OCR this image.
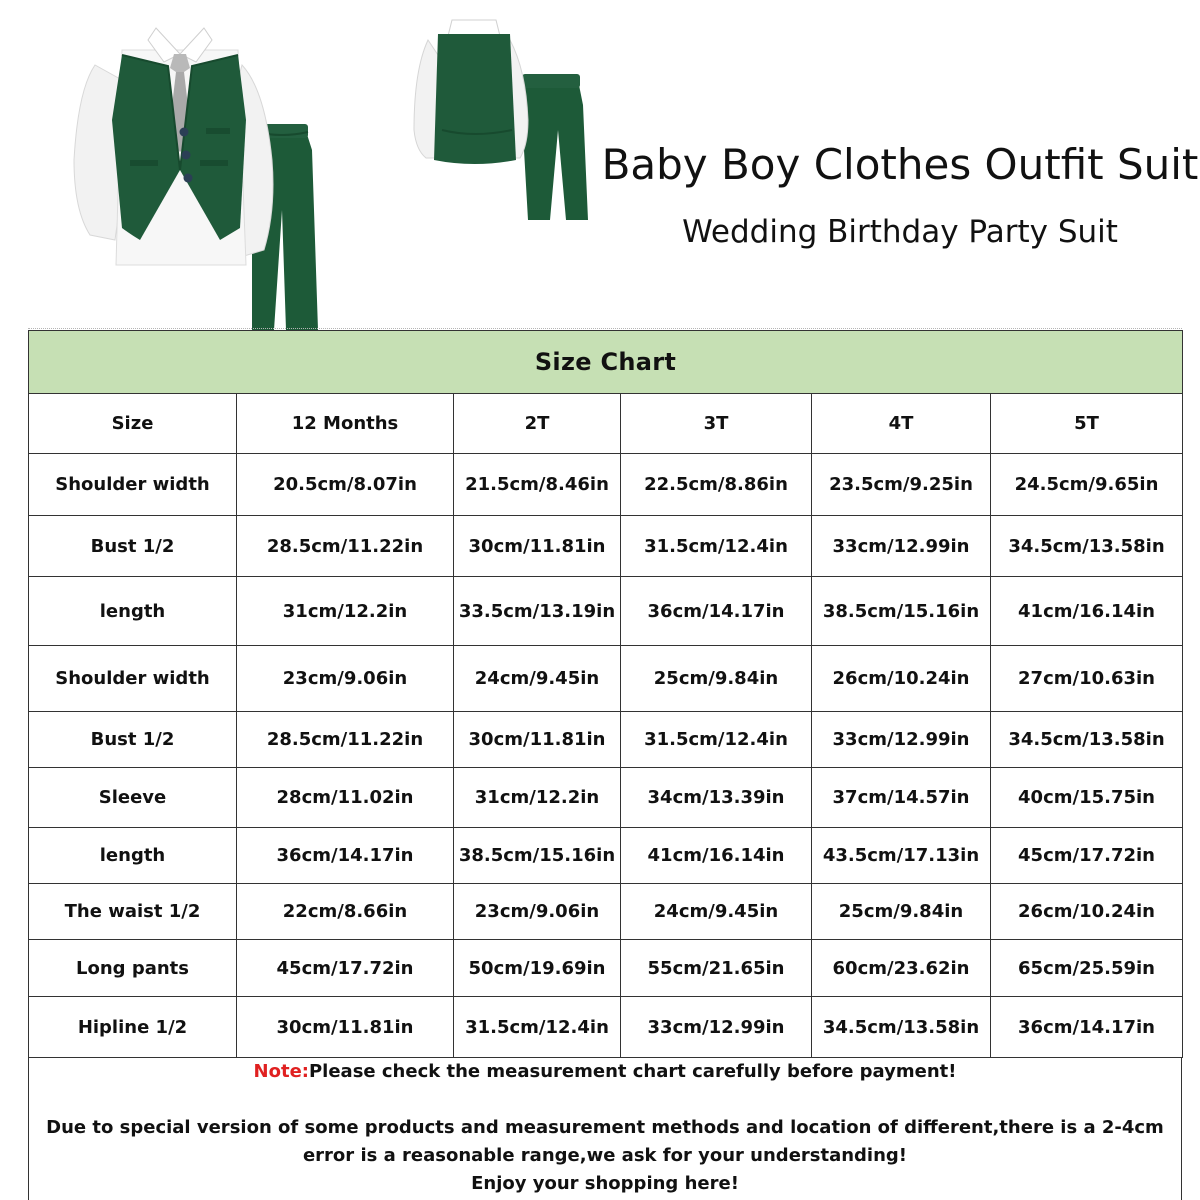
Baby Boy Clothes Outfit Suit
Wedding Birthday Party Suit
Size Chart					
Size	12 Months	2T	3T	4T	5T
Shoulder width	20.5cm/8.07in	21.5cm/8.46in	22.5cm/8.86in	23.5cm/9.25in	24.5cm/9.65in
Bust 1/2	28.5cm/11.22in	30cm/11.81in	31.5cm/12.4in	33cm/12.99in	34.5cm/13.58in
length	31cm/12.2in	33.5cm/13.19in	36cm/14.17in	38.5cm/15.16in	41cm/16.14in
Shoulder width	23cm/9.06in	24cm/9.45in	25cm/9.84in	26cm/10.24in	27cm/10.63in
Bust 1/2	28.5cm/11.22in	30cm/11.81in	31.5cm/12.4in	33cm/12.99in	34.5cm/13.58in
Sleeve	28cm/11.02in	31cm/12.2in	34cm/13.39in	37cm/14.57in	40cm/15.75in
length	36cm/14.17in	38.5cm/15.16in	41cm/16.14in	43.5cm/17.13in	45cm/17.72in
The waist 1/2	22cm/8.66in	23cm/9.06in	24cm/9.45in	25cm/9.84in	26cm/10.24in
Long pants	45cm/17.72in	50cm/19.69in	55cm/21.65in	60cm/23.62in	65cm/25.59in
Hipline 1/2	30cm/11.81in	31.5cm/12.4in	33cm/12.99in	34.5cm/13.58in	36cm/14.17in
Note:Please check the measurement chart carefully before payment!
Due to special version of some products and measurement methods and location of different,there is a 2-4cm error is a reasonable range,we ask for your understanding!
Enjoy your shopping here!
